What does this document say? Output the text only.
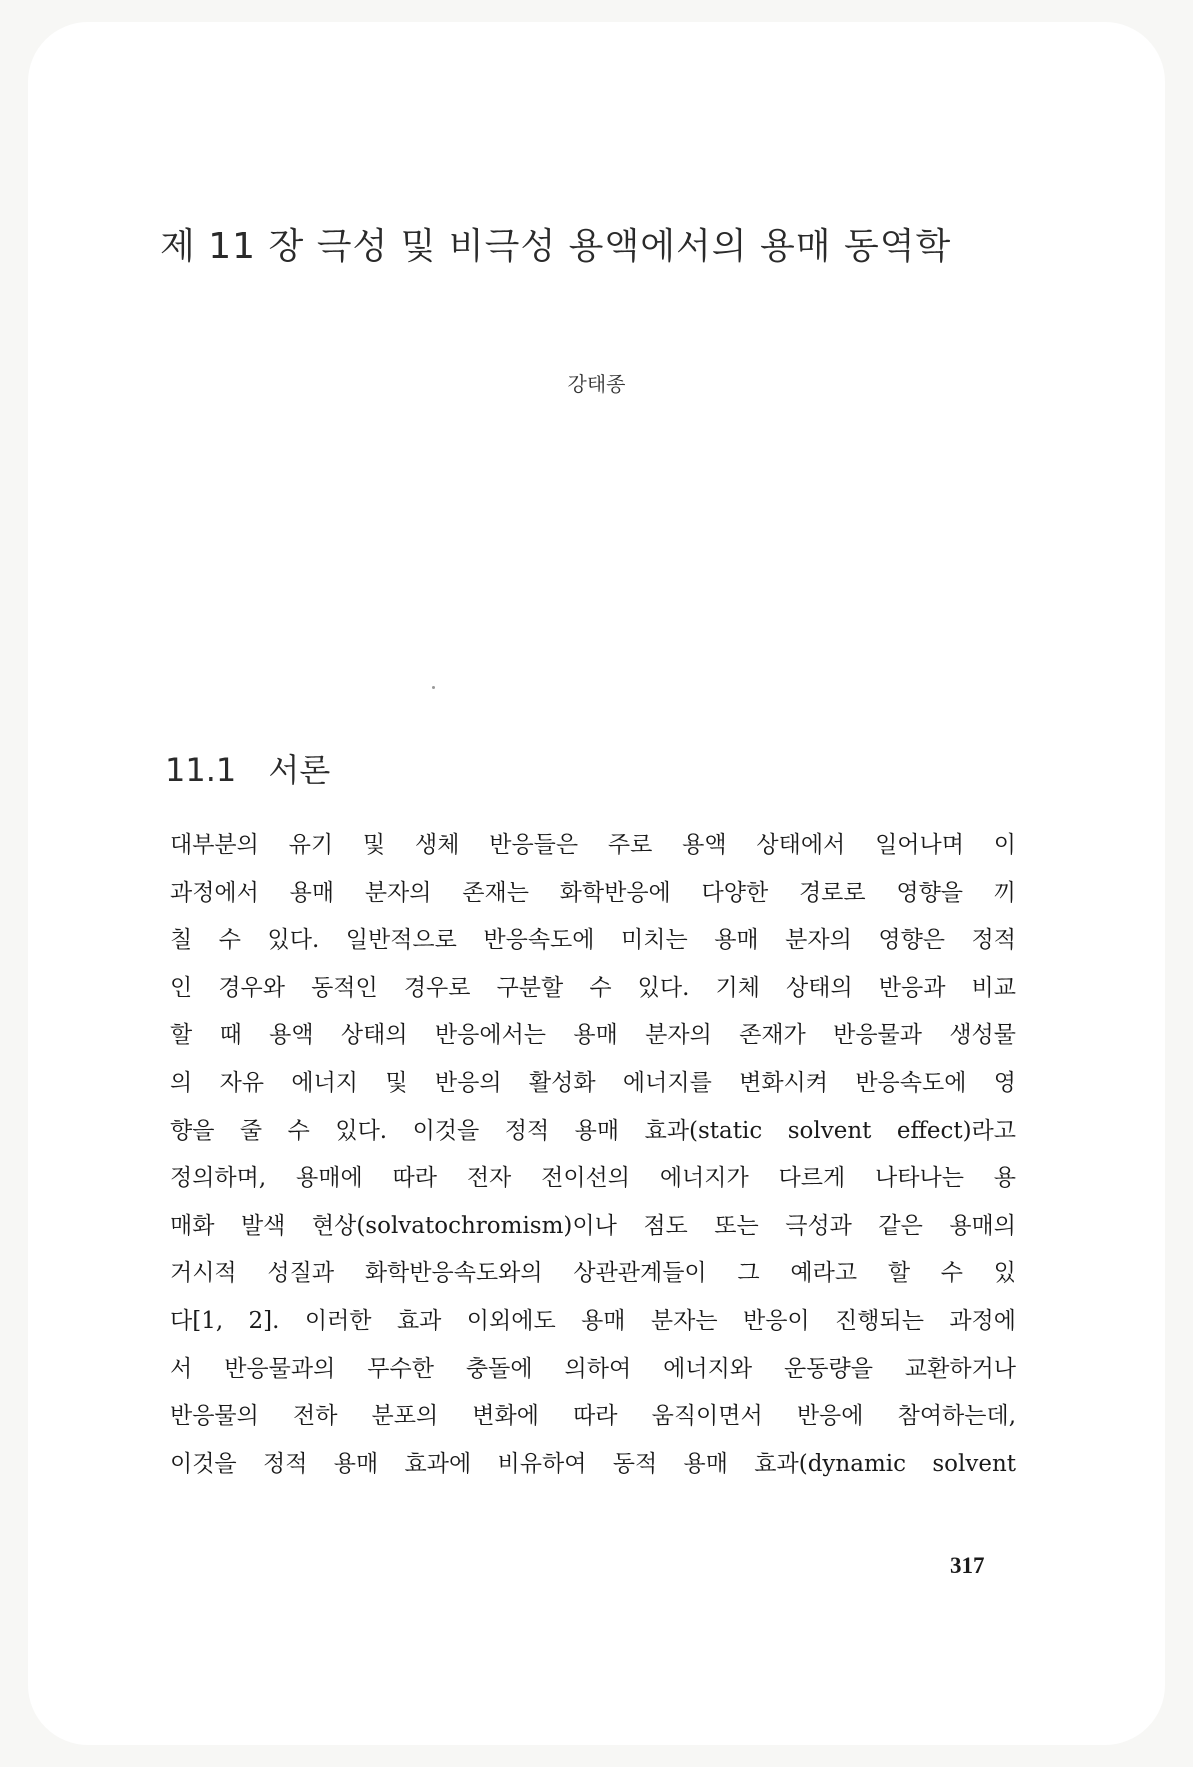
제 11 장 극성 및 비극성 용액에서의 용매 동역학
강태종
11.1 서론
대부분의 유기 및 생체 반응들은 주로 용액 상태에서 일어나며 이
과정에서 용매 분자의 존재는 화학반응에 다양한 경로로 영향을 끼
칠 수 있다. 일반적으로 반응속도에 미치는 용매 분자의 영향은 정적
인 경우와 동적인 경우로 구분할 수 있다. 기체 상태의 반응과 비교
할 때 용액 상태의 반응에서는 용매 분자의 존재가 반응물과 생성물
의 자유 에너지 및 반응의 활성화 에너지를 변화시켜 반응속도에 영
향을 줄 수 있다. 이것을 정적 용매 효과(static solvent effect)라고
정의하며, 용매에 따라 전자 전이선의 에너지가 다르게 나타나는 용
매화 발색 현상(solvatochromism)이나 점도 또는 극성과 같은 용매의
거시적 성질과 화학반응속도와의 상관관계들이 그 예라고 할 수 있
다[1, 2]. 이러한 효과 이외에도 용매 분자는 반응이 진행되는 과정에
서 반응물과의 무수한 충돌에 의하여 에너지와 운동량을 교환하거나
반응물의 전하 분포의 변화에 따라 움직이면서 반응에 참여하는데,
이것을 정적 용매 효과에 비유하여 동적 용매 효과(dynamic solvent
317
